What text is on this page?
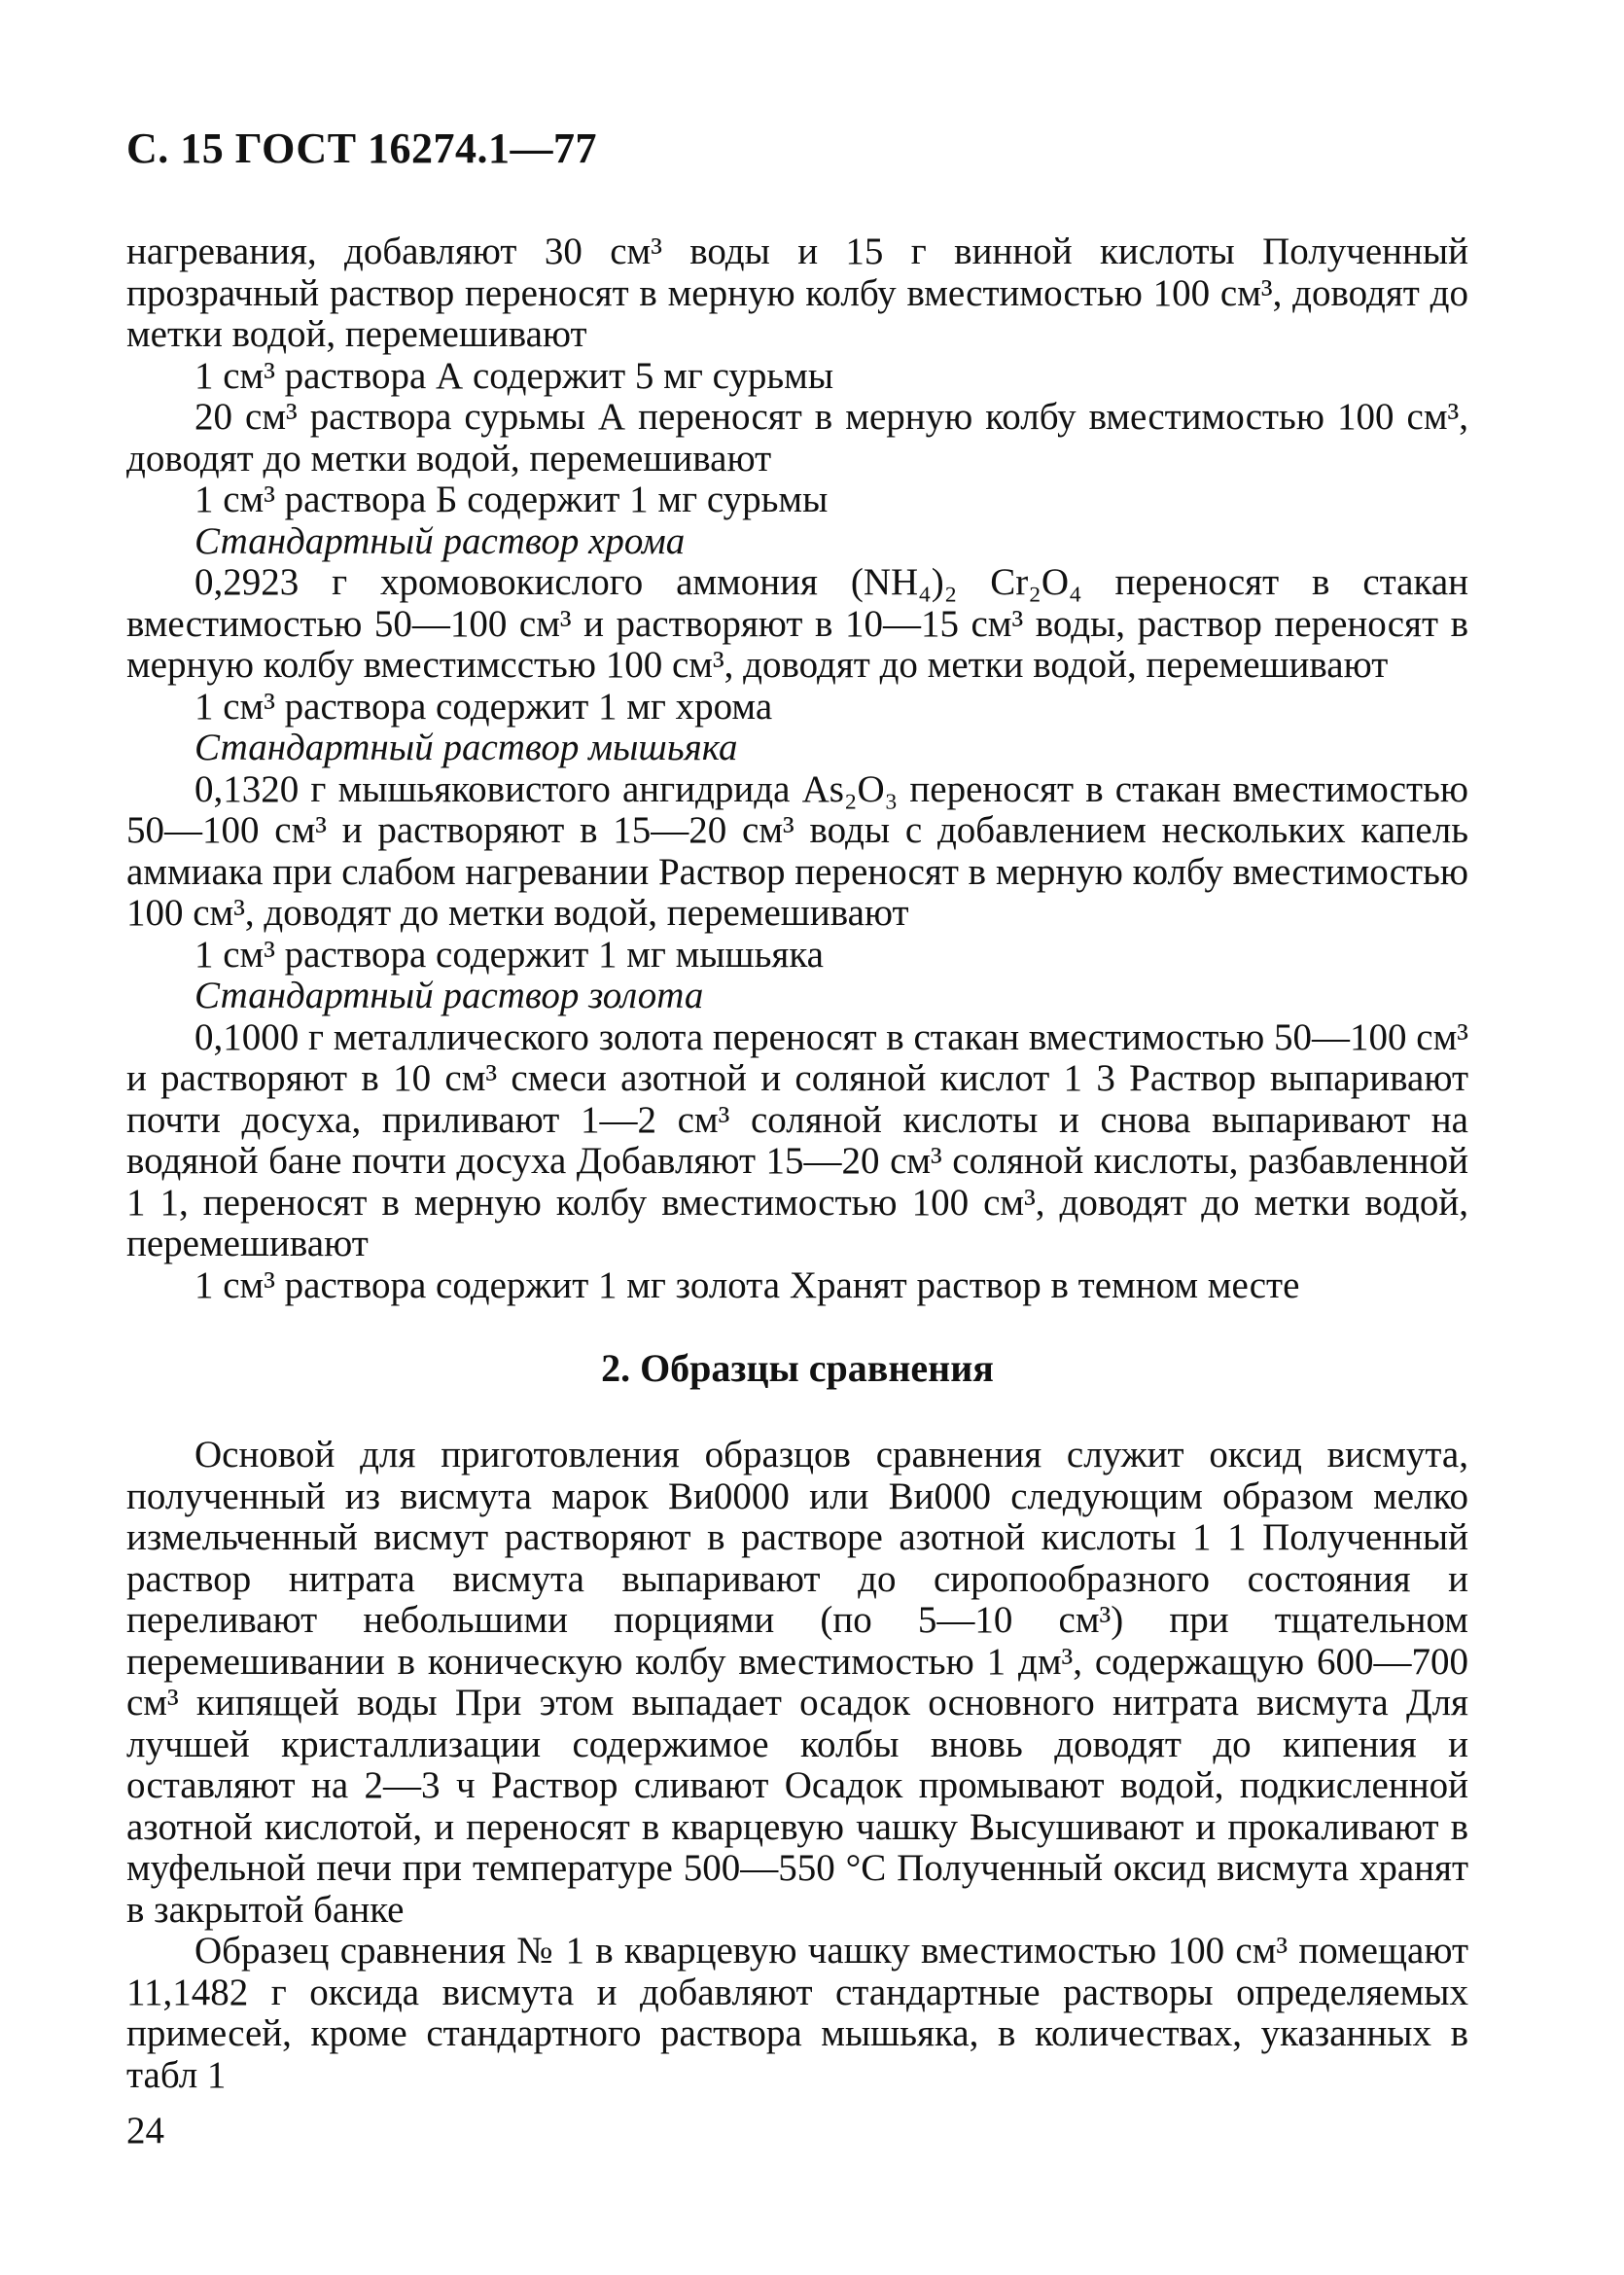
С. 15 ГОСТ 16274.1—77

нагревания, добавляют 30 см³ воды и 15 г винной кислоты Полученный прозрачный раствор переносят в мерную колбу вместимостью 100 см³, доводят до метки водой, перемешивают

1 см³ раствора А содержит 5 мг сурьмы

20 см³ раствора сурьмы А переносят в мерную колбу вместимостью 100 см³, доводят до метки водой, перемешивают

1 см³ раствора Б содержит 1 мг сурьмы

Стандартный раствор хрома

0,2923 г хромовокислого аммония (NH₄)₂ Cr₂O₄ переносят в стакан вместимостью 50—100 см³ и растворяют в 10—15 см³ воды, раствор переносят в мерную колбу вместимсстью 100 см³, доводят до метки водой, перемешивают

1 см³ раствора содержит 1 мг хрома

Стандартный раствор мышьяка

0,1320 г мышьяковистого ангидрида As₂O₃ переносят в стакан вместимостью 50—100 см³ и растворяют в 15—20 см³ воды с добавлением нескольких капель аммиака при слабом нагревании Раствор переносят в мерную колбу вместимостью 100 см³, доводят до метки водой, перемешивают

1 см³ раствора содержит 1 мг мышьяка

Стандартный раствор золота

0,1000 г металлического золота переносят в стакан вместимостью 50—100 см³ и растворяют в 10 см³ смеси азотной и соляной кислот 1 3 Раствор выпаривают почти досуха, приливают 1—2 см³ соляной кислоты и снова выпаривают на водяной бане почти досуха Добавляют 15—20 см³ соляной кислоты, разбавленной 1 1, переносят в мерную колбу вместимостью 100 см³, доводят до метки водой, перемешивают

1 см³ раствора содержит 1 мг золота Хранят раствор в темном месте

2. Образцы сравнения

Основой для приготовления образцов сравнения служит оксид висмута, полученный из висмута марок Ви0000 или Ви000 следующим образом мелко измельченный висмут растворяют в растворе азотной кислоты 1 1 Полученный раствор нитрата висмута выпаривают до сиропообразного состояния и переливают небольшими порциями (по 5—10 см³) при тщательном перемешивании в коническую колбу вместимостью 1 дм³, содержащую 600—700 см³ кипящей воды При этом выпадает осадок основного нитрата висмута Для лучшей кристаллизации содержимое колбы вновь доводят до кипения и оставляют на 2—3 ч Раствор сливают Осадок промывают водой, подкисленной азотной кислотой, и переносят в кварцевую чашку Высушивают и прокаливают в муфельной печи при температуре 500—550 °С Полученный оксид висмута хранят в закрытой банке

Образец сравнения № 1 в кварцевую чашку вместимостью 100 см³ помещают 11,1482 г оксида висмута и добавляют стандартные растворы определяемых примесей, кроме стандартного раствора мышьяка, в количествах, указанных в табл 1

24
